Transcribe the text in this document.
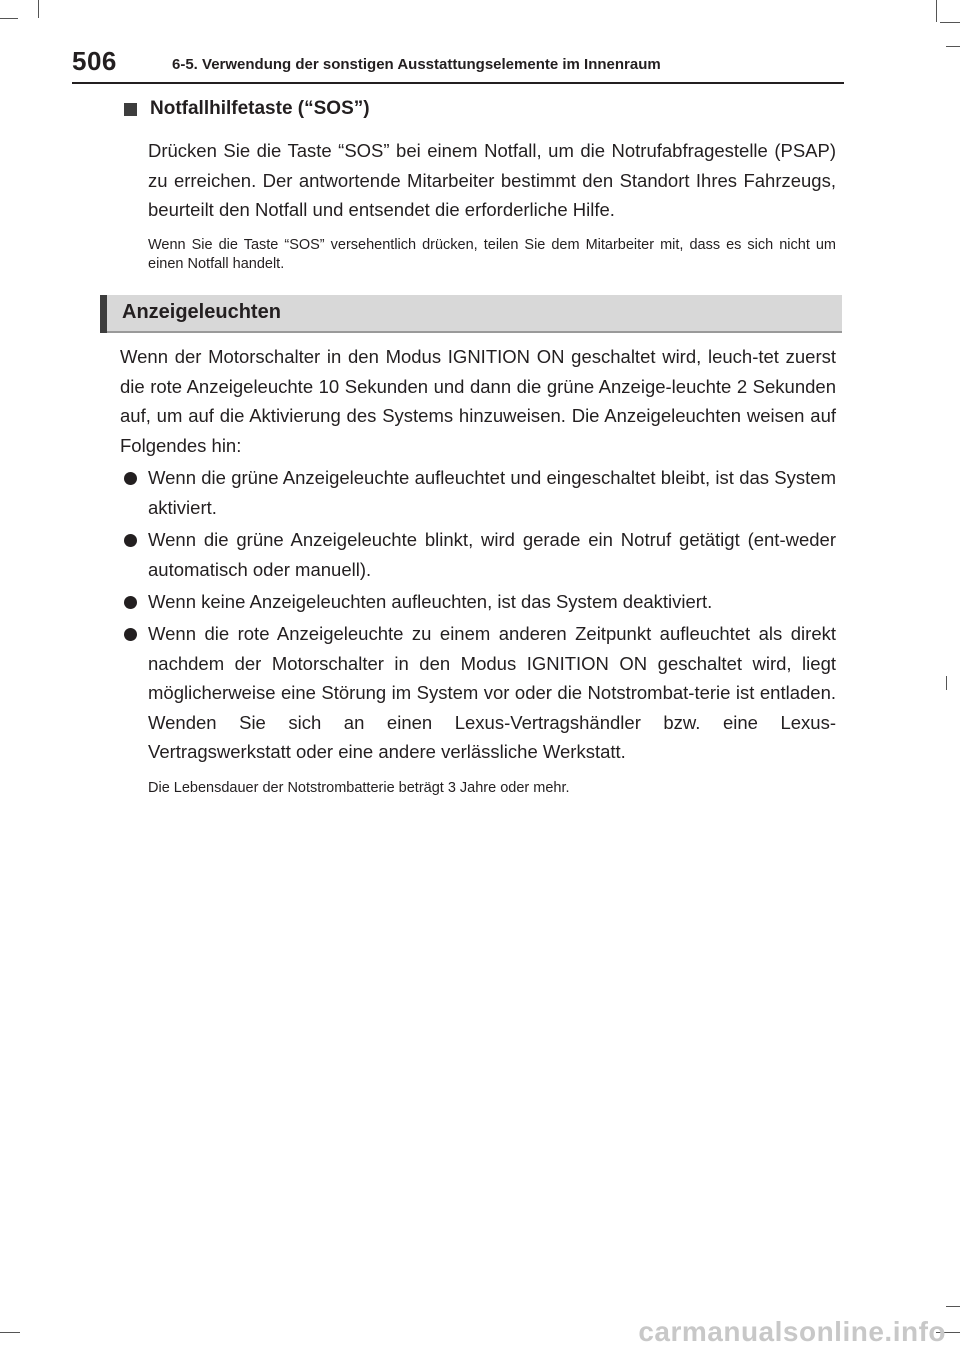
506	6-5. Verwendung der sonstigen Ausstattungselemente im Innenraum
Notfallhilfetaste (“SOS”)
Drücken Sie die Taste “SOS” bei einem Notfall, um die Notrufabfragestelle (PSAP) zu erreichen. Der antwortende Mitarbeiter bestimmt den Standort Ihres Fahrzeugs, beurteilt den Notfall und entsendet die erforderliche Hilfe.
Wenn Sie die Taste “SOS” versehentlich drücken, teilen Sie dem Mitarbeiter mit, dass es sich nicht um einen Notfall handelt.
Anzeigeleuchten
Wenn der Motorschalter in den Modus IGNITION ON geschaltet wird, leuch-tet zuerst die rote Anzeigeleuchte 10 Sekunden und dann die grüne Anzeige-leuchte 2 Sekunden auf, um auf die Aktivierung des Systems hinzuweisen. Die Anzeigeleuchten weisen auf Folgendes hin:
Wenn die grüne Anzeigeleuchte aufleuchtet und eingeschaltet bleibt, ist das System aktiviert.
Wenn die grüne Anzeigeleuchte blinkt, wird gerade ein Notruf getätigt (ent-weder automatisch oder manuell).
Wenn keine Anzeigeleuchten aufleuchten, ist das System deaktiviert.
Wenn die rote Anzeigeleuchte zu einem anderen Zeitpunkt aufleuchtet als direkt nachdem der Motorschalter in den Modus IGNITION ON geschaltet wird, liegt möglicherweise eine Störung im System vor oder die Notstrombat-terie ist entladen. Wenden Sie sich an einen Lexus-Vertragshändler bzw. eine Lexus-Vertragswerkstatt oder eine andere verlässliche Werkstatt.
Die Lebensdauer der Notstrombatterie beträgt 3 Jahre oder mehr.
carmanualsonline.info
